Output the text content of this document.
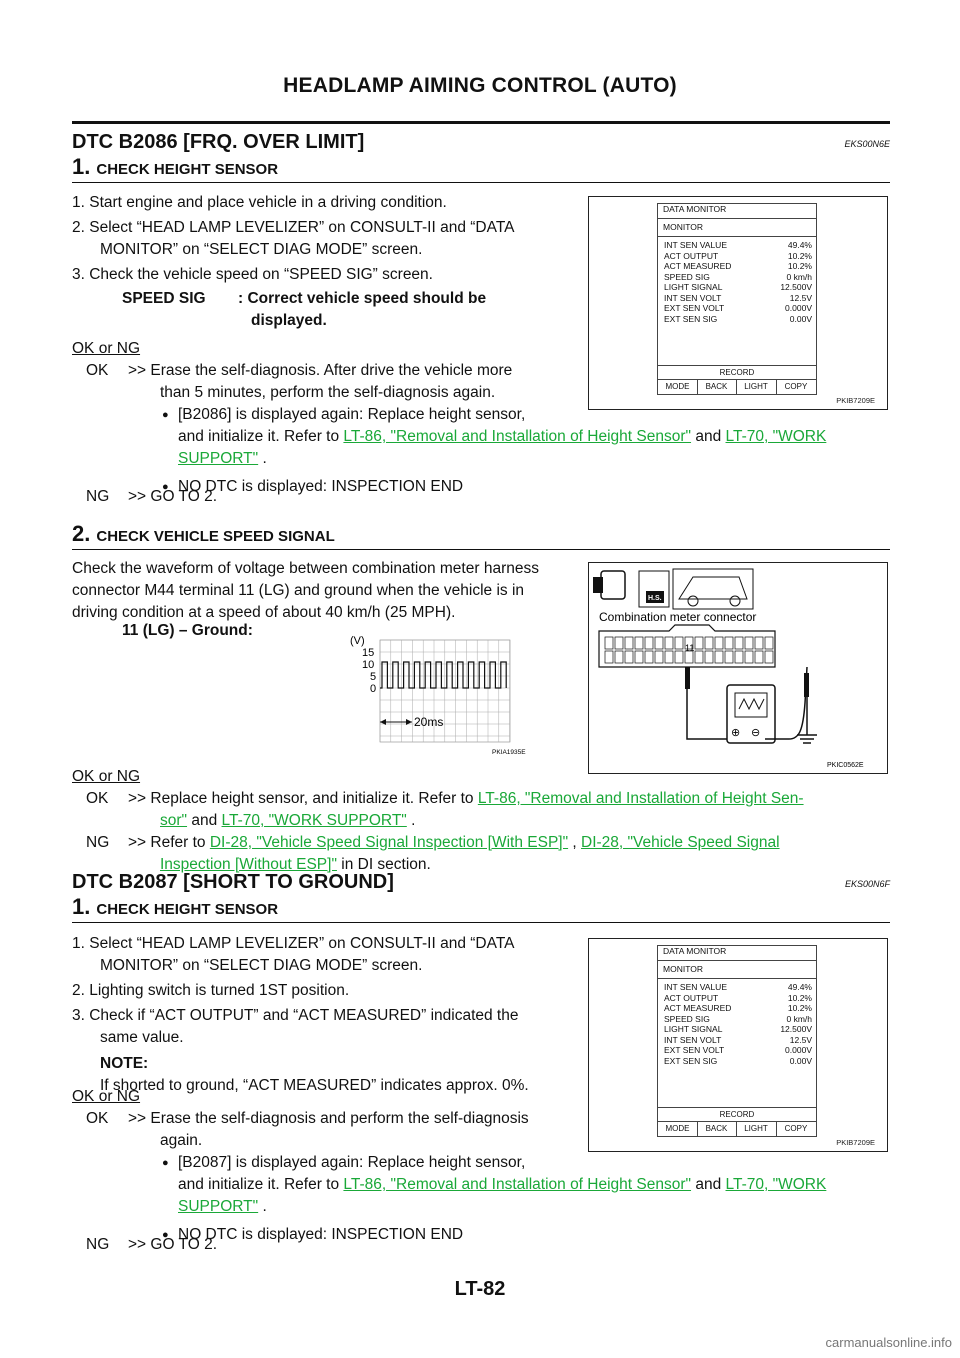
HEADLAMP AIMING CONTROL (AUTO)
DTC B2086 [FRQ. OVER LIMIT]	EKS00N6E
1. CHECK HEIGHT SENSOR
1. Start engine and place vehicle in a driving condition.
2. Select “HEAD LAMP LEVELIZER” on CONSULT-II and “DATA
MONITOR” on “SELECT DIAG MODE” screen.
3. Check the vehicle speed on “SPEED SIG” screen.
SPEED SIG : Correct vehicle speed should be
displayed.
OK or NG
OK >> Erase the self-diagnosis. After drive the vehicle more
than 5 minutes, perform the self-diagnosis again.
● [B2086] is displayed again: Replace height sensor,
and initialize it. Refer to LT-86, "Removal and Installation of Height Sensor" and LT-70, "WORK
SUPPORT" .
● NO DTC is displayed: INSPECTION END
NG >> GO TO 2.
DATA MONITOR
MONITOR
INT SEN VALUE	49.4%
ACT OUTPUT	10.2%
ACT MEASURED	10.2%
SPEED SIG	0 km/h
LIGHT SIGNAL	12.500V
INT SEN VOLT	12.5V
EXT SEN VOLT	0.000V
EXT SEN SIG	0.00V
RECORD
MODE	BACK	LIGHT	COPY
PKIB7209E
2. CHECK VEHICLE SPEED SIGNAL
Check the waveform of voltage between combination meter harness
connector M44 terminal 11 (LG) and ground when the vehicle is in
driving condition at a speed of about 40 km/h (25 MPH).
11 (LG) – Ground:
(V)
15
10
5
0
20ms
PKIA1935E
H.S.
Combination meter connector
11
⊕ ⊖
PKIC0562E
OK or NG
OK >> Replace height sensor, and initialize it. Refer to LT-86, "Removal and Installation of Height Sen-
sor" and LT-70, "WORK SUPPORT" .
NG >> Refer to DI-28, "Vehicle Speed Signal Inspection [With ESP]" , DI-28, "Vehicle Speed Signal
Inspection [Without ESP]" in DI section.
DTC B2087 [SHORT TO GROUND]	EKS00N6F
1. CHECK HEIGHT SENSOR
1. Select “HEAD LAMP LEVELIZER” on CONSULT-II and “DATA
MONITOR” on “SELECT DIAG MODE” screen.
2. Lighting switch is turned 1ST position.
3. Check if “ACT OUTPUT” and “ACT MEASURED” indicated the
same value.
NOTE:
If shorted to ground, “ACT MEASURED” indicates approx. 0%.
OK or NG
OK >> Erase the self-diagnosis and perform the self-diagnosis
again.
● [B2087] is displayed again: Replace height sensor,
and initialize it. Refer to LT-86, "Removal and Installation of Height Sensor" and LT-70, "WORK
SUPPORT" .
● NO DTC is displayed: INSPECTION END
NG >> GO TO 2.
DATA MONITOR
MONITOR
INT SEN VALUE	49.4%
ACT OUTPUT	10.2%
ACT MEASURED	10.2%
SPEED SIG	0 km/h
LIGHT SIGNAL	12.500V
INT SEN VOLT	12.5V
EXT SEN VOLT	0.000V
EXT SEN SIG	0.00V
RECORD
MODE	BACK	LIGHT	COPY
PKIB7209E
LT-82
carmanualsonline.info
